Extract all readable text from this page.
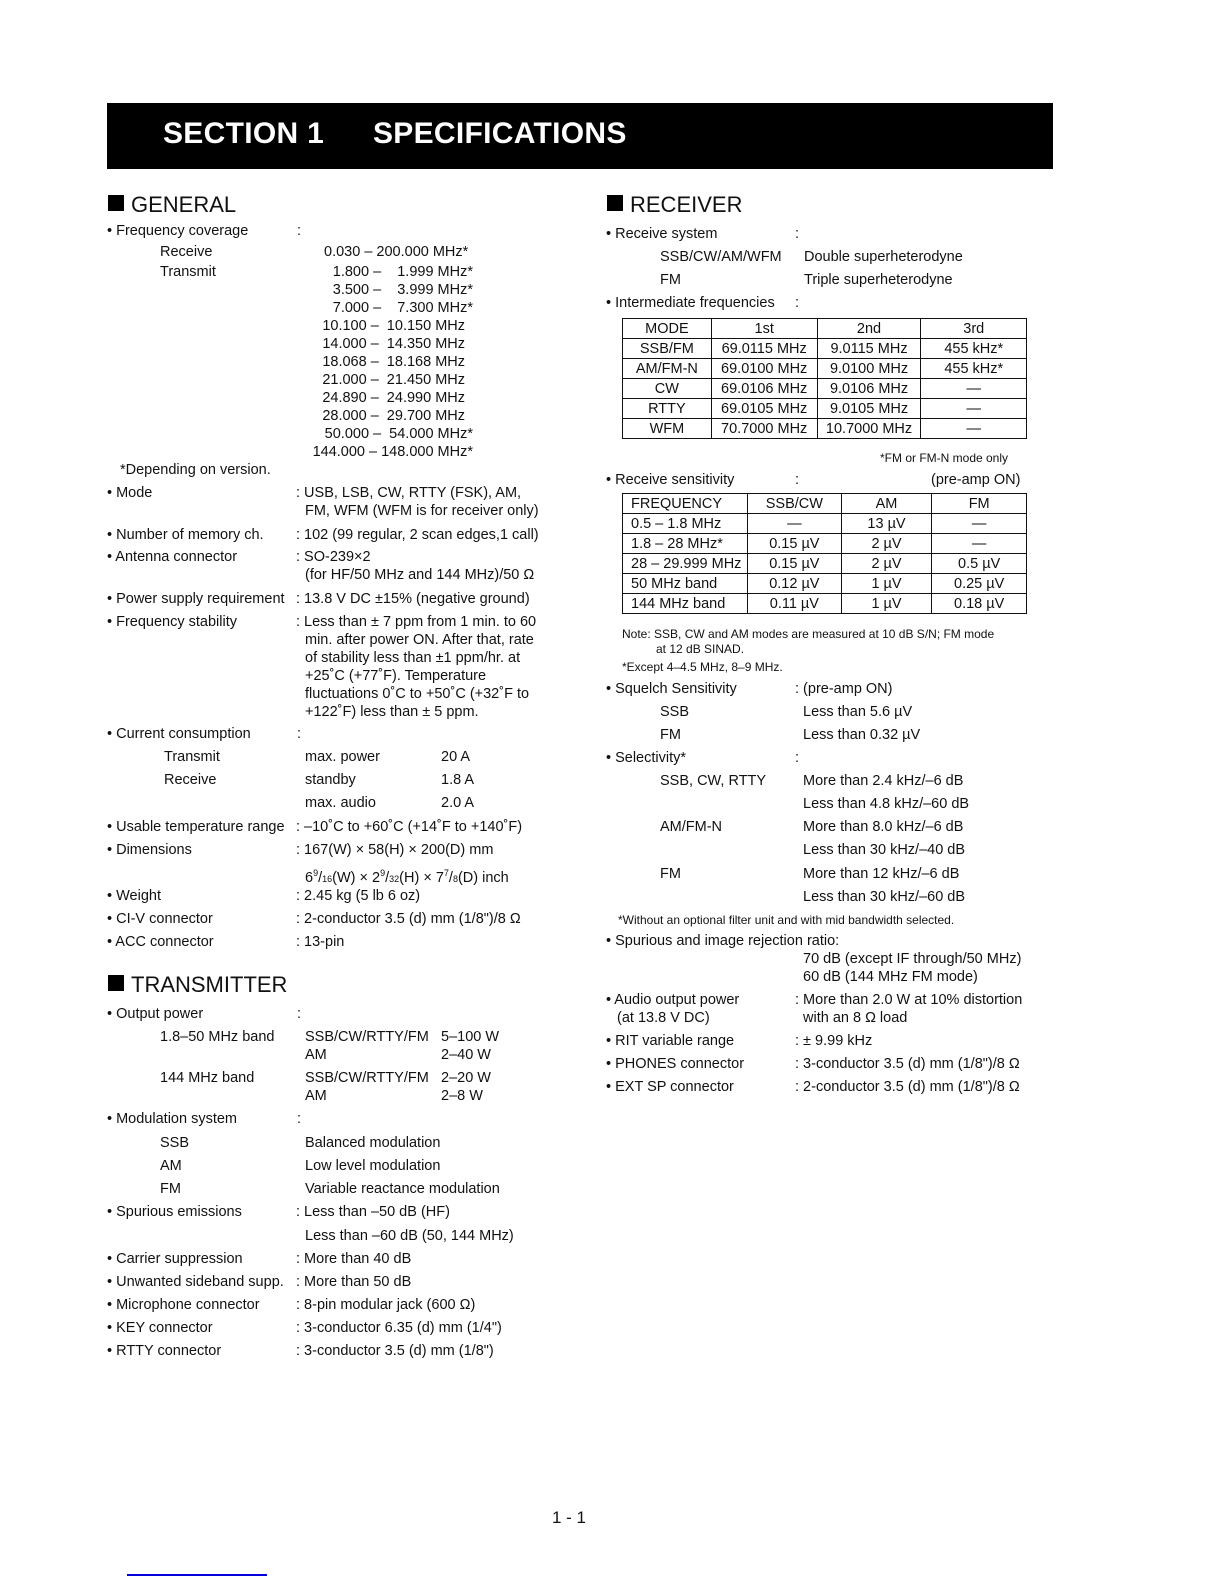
SECTION 1 SPECIFICATIONS
GENERAL
• Frequency coverage	:
Receive	0.030 – 200.000 MHz*
Transmit	1.800 –    1.999 MHz*
3.500 –    3.999 MHz*
7.000 –    7.300 MHz*
10.100 –  10.150 MHz
14.000 –  14.350 MHz
18.068 –  18.168 MHz
21.000 –  21.450 MHz
24.890 –  24.990 MHz
28.000 –  29.700 MHz
50.000 –  54.000 MHz*
144.000 – 148.000 MHz*
*Depending on version.
• Mode	: USB, LSB, CW, RTTY (FSK), AM,
FM, WFM (WFM is for receiver only)
• Number of memory ch. : 102 (99 regular, 2 scan edges,1 call)
• Antenna connector	: SO-239×2
(for HF/50 MHz and 144 MHz)/50 Ω
• Power supply requirement : 13.8 V DC ±15% (negative ground)
• Frequency stability	: Less than ± 7 ppm from 1 min. to 60
min. after power ON. After that, rate
of stability less than ±1 ppm/hr. at
+25˚C (+77˚F). Temperature
fluctuations 0˚C to +50˚C (+32˚F to
+122˚F) less than ± 5 ppm.
• Current consumption	:
Transmit	max. power	20 A
Receive	standby	1.8 A
max. audio	2.0 A
• Usable temperature range : –10˚C to +60˚C (+14˚F to +140˚F)
• Dimensions	: 167(W) × 58(H) × 200(D) mm
$6^9/16(W) \times 2^9/32(H) \times 7^7/8(D)$ inch
• Weight	: 2.45 kg (5 lb 6 oz)
• CI-V connector	: 2-conductor 3.5 (d) mm (1/8")/8 Ω
• ACC connector	: 13-pin
TRANSMITTER
• Output power	:
1.8–50 MHz band SSB/CW/RTTY/FM 5–100 W
AM	2–40 W
144 MHz band	SSB/CW/RTTY/FM 2–20 W
AM	2–8 W
• Modulation system	:
SSB	Balanced modulation
AM	Low level modulation
FM	Variable reactance modulation
• Spurious emissions	: Less than –50 dB (HF)
Less than –60 dB (50, 144 MHz)
• Carrier suppression	: More than 40 dB
• Unwanted sideband supp. : More than 50 dB
• Microphone connector	: 8-pin modular jack (600 Ω)
• KEY connector	: 3-conductor 6.35 (d) mm (1/4")
• RTTY connector	: 3-conductor 3.5 (d) mm (1/8")
RECEIVER
• Receive system	:
SSB/CW/AM/WFM Double superheterodyne
FM	Triple superheterodyne
• Intermediate frequencies :
MODE	1st	2nd	3rd
SSB/FM	69.0115 MHz	9.0115 MHz	455 kHz*
AM/FM-N	69.0100 MHz	9.0100 MHz	455 kHz*
CW	69.0106 MHz	9.0106 MHz	—
RTTY	69.0105 MHz	9.0105 MHz	—
WFM	70.7000 MHz	10.7000 MHz	—
*FM or FM-N mode only
• Receive sensitivity	:	(pre-amp ON)
FREQUENCY	SSB/CW	AM	FM
0.5 – 1.8 MHz	—	13 µV	—
1.8 – 28 MHz*	0.15 µV	2 µV	—
28 – 29.999 MHz	0.15 µV	2 µV	0.5 µV
50 MHz band	0.12 µV	1 µV	0.25 µV
144 MHz band	0.11 µV	1 µV	0.18 µV
Note: SSB, CW and AM modes are measured at 10 dB S/N; FM mode
at 12 dB SINAD.
*Except 4–4.5 MHz, 8–9 MHz.
• Squelch Sensitivity	: (pre-amp ON)
SSB	Less than 5.6 µV
FM	Less than 0.32 µV
• Selectivity*	:
SSB, CW, RTTY	More than 2.4 kHz/–6 dB
Less than 4.8 kHz/–60 dB
AM/FM-N	More than 8.0 kHz/–6 dB
Less than 30 kHz/–40 dB
FM	More than 12 kHz/–6 dB
Less than 30 kHz/–60 dB
*Without an optional filter unit and with mid bandwidth selected.
• Spurious and image rejection ratio:
70 dB (except IF through/50 MHz)
60 dB (144 MHz FM mode)
• Audio output power
(at 13.8 V DC)
: More than 2.0 W at 10% distortion
with an 8 Ω load
• RIT variable range	: ± 9.99 kHz
• PHONES connector	: 3-conductor 3.5 (d) mm (1/8")/8 Ω
• EXT SP connector	: 2-conductor 3.5 (d) mm (1/8")/8 Ω
1 - 1
